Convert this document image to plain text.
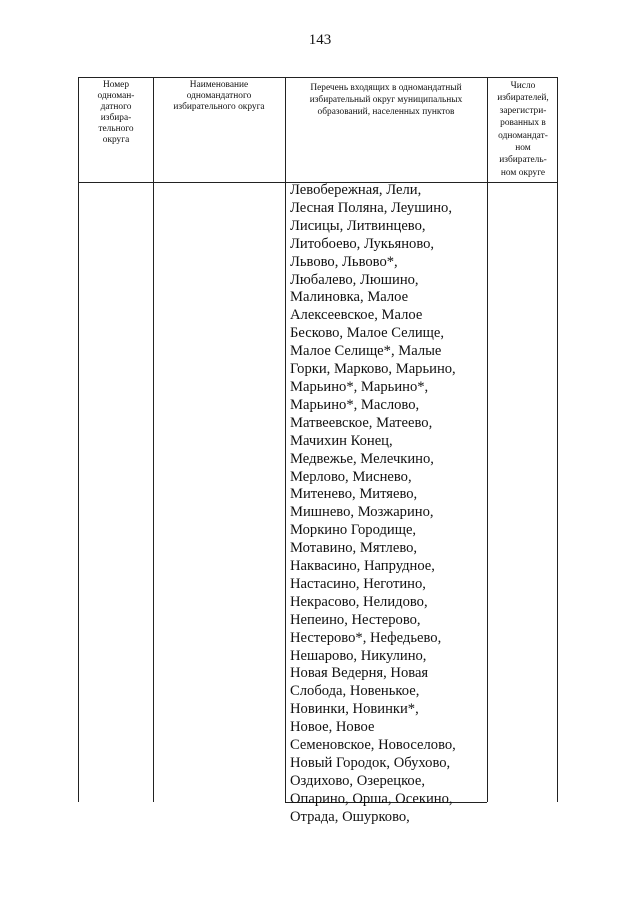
143
Номер
одноман-
датного
избира-
тельного
округа
Наименование
одномандатного
избирательного округа
Перечень входящих в одномандатный
избирательный округ муниципальных
образований, населенных пунктов
Число
избирателей,
зарегистри-
рованных в
одномандат-
ном
избиратель-
ном округе
Левобережная, Лели,
Лесная Поляна, Леушино,
Лисицы, Литвинцево,
Литобоево, Лукьяново,
Львово, Львово*,
Любалево, Люшино,
Малиновка, Малое
Алексеевское, Малое
Бесково, Малое Селище,
Малое Селище*, Малые
Горки, Марково, Марьино,
Марьино*, Марьино*,
Марьино*, Маслово,
Матвеевское, Матеево,
Мачихин Конец,
Медвежье, Мелечкино,
Мерлово, Миснево,
Митенево, Митяево,
Мишнево, Мозжарино,
Моркино Городище,
Мотавино, Мятлево,
Наквасино, Напрудное,
Настасино, Неготино,
Некрасово, Нелидово,
Непеино, Нестерово,
Нестерово*, Нефедьево,
Нешарово, Никулино,
Новая Ведерня, Новая
Слобода, Новенькое,
Новинки, Новинки*,
Новое, Новое
Семеновское, Новоселово,
Новый Городок, Обухово,
Оздихово, Озерецкое,
Опарино, Орша, Осекино,
Отрада, Ошурково,
